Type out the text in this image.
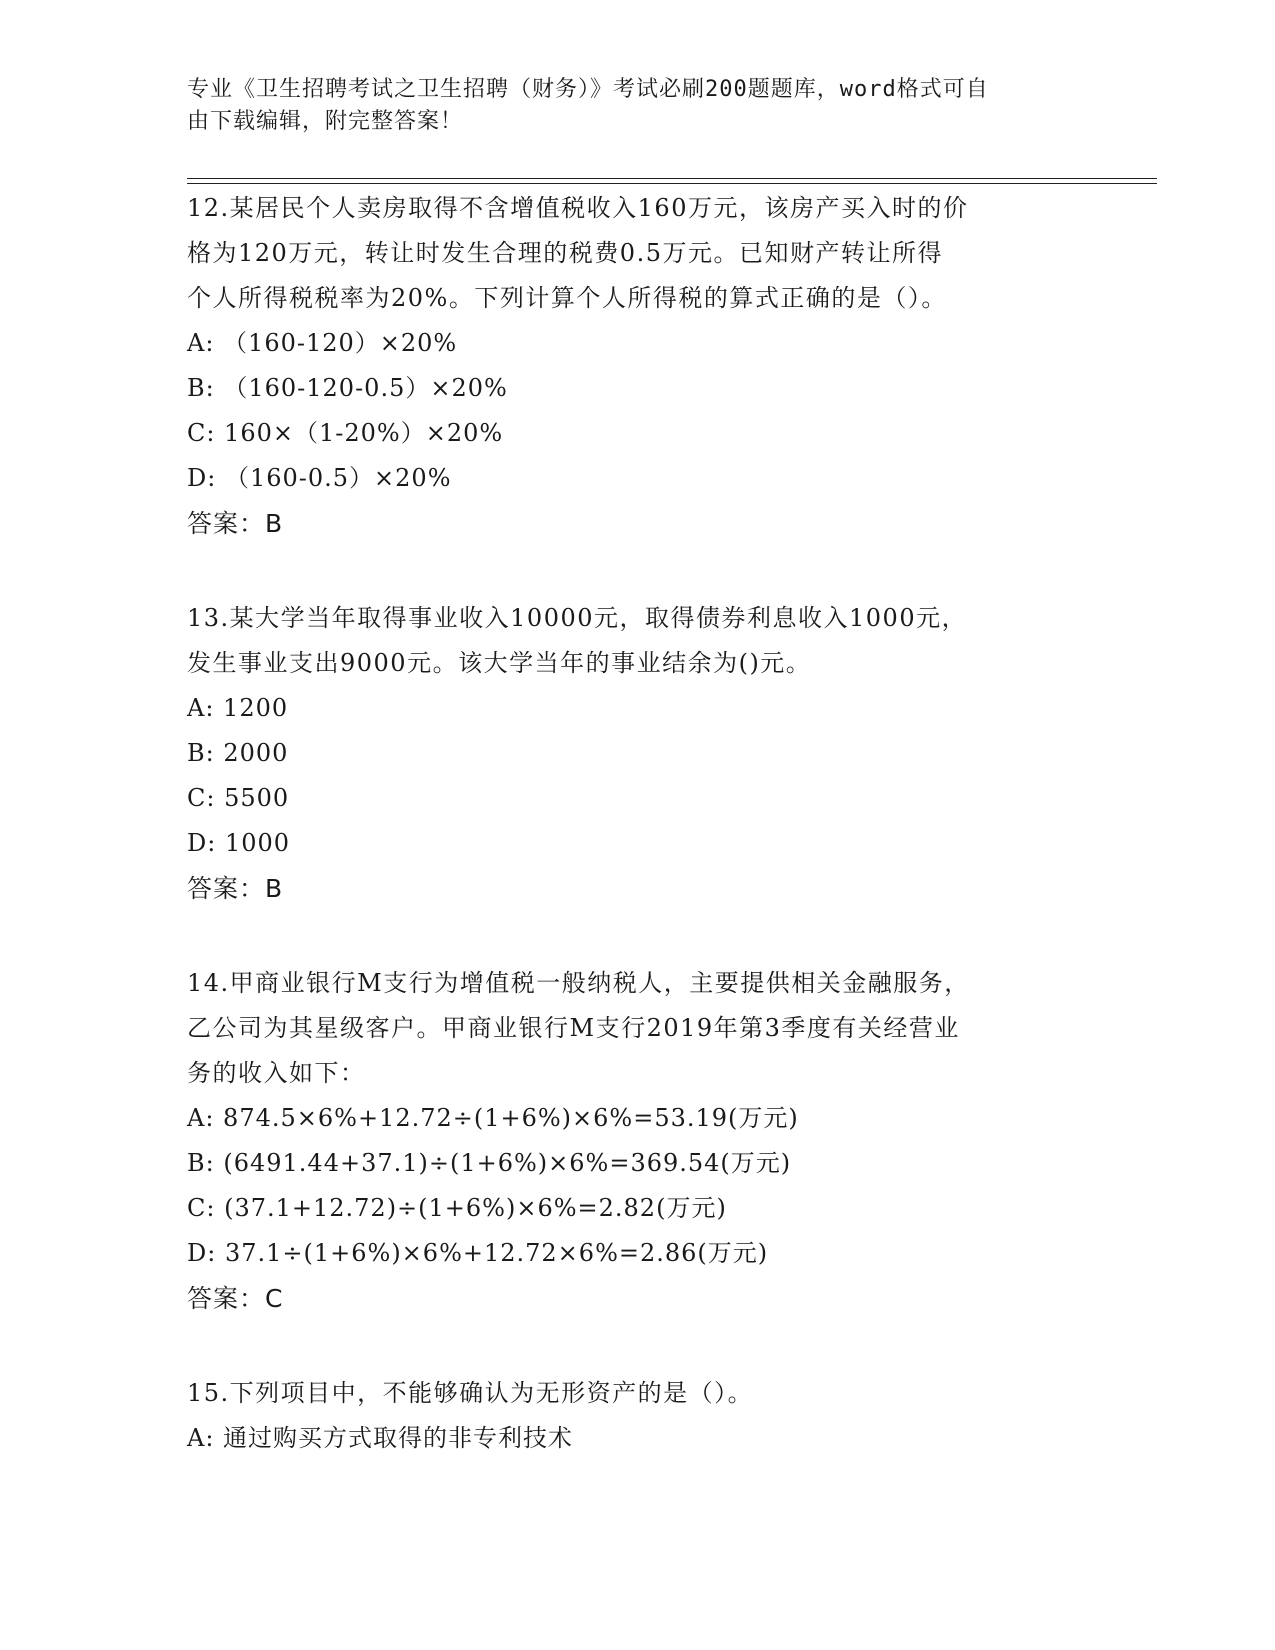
专业《卫生招聘考试之卫生招聘（财务）》考试必刷200题题库，word格式可自
由下载编辑，附完整答案！
12.某居民个人卖房取得不含增值税收入160万元，该房产买入时的价
格为120万元，转让时发生合理的税费0.5万元。已知财产转让所得
个人所得税税率为20%。下列计算个人所得税的算式正确的是（）。
A: （160-120）×20%
B: （160-120-0.5）×20%
C: 160×（1-20%）×20%
D: （160-0.5）×20%
答案：B
13.某大学当年取得事业收入10000元，取得债券利息收入1000元，
发生事业支出9000元。该大学当年的事业结余为()元。
A: 1200
B: 2000
C: 5500
D: 1000
答案：B
14.甲商业银行M支行为增值税一般纳税人，主要提供相关金融服务，
乙公司为其星级客户。甲商业银行M支行2019年第3季度有关经营业
务的收入如下：
A: 874.5×6%+12.72÷(1+6%)×6%=53.19(万元)
B: (6491.44+37.1)÷(1+6%)×6%=369.54(万元)
C: (37.1+12.72)÷(1+6%)×6%=2.82(万元)
D: 37.1÷(1+6%)×6%+12.72×6%=2.86(万元)
答案：C
15.下列项目中，不能够确认为无形资产的是（）。
A: 通过购买方式取得的非专利技术
